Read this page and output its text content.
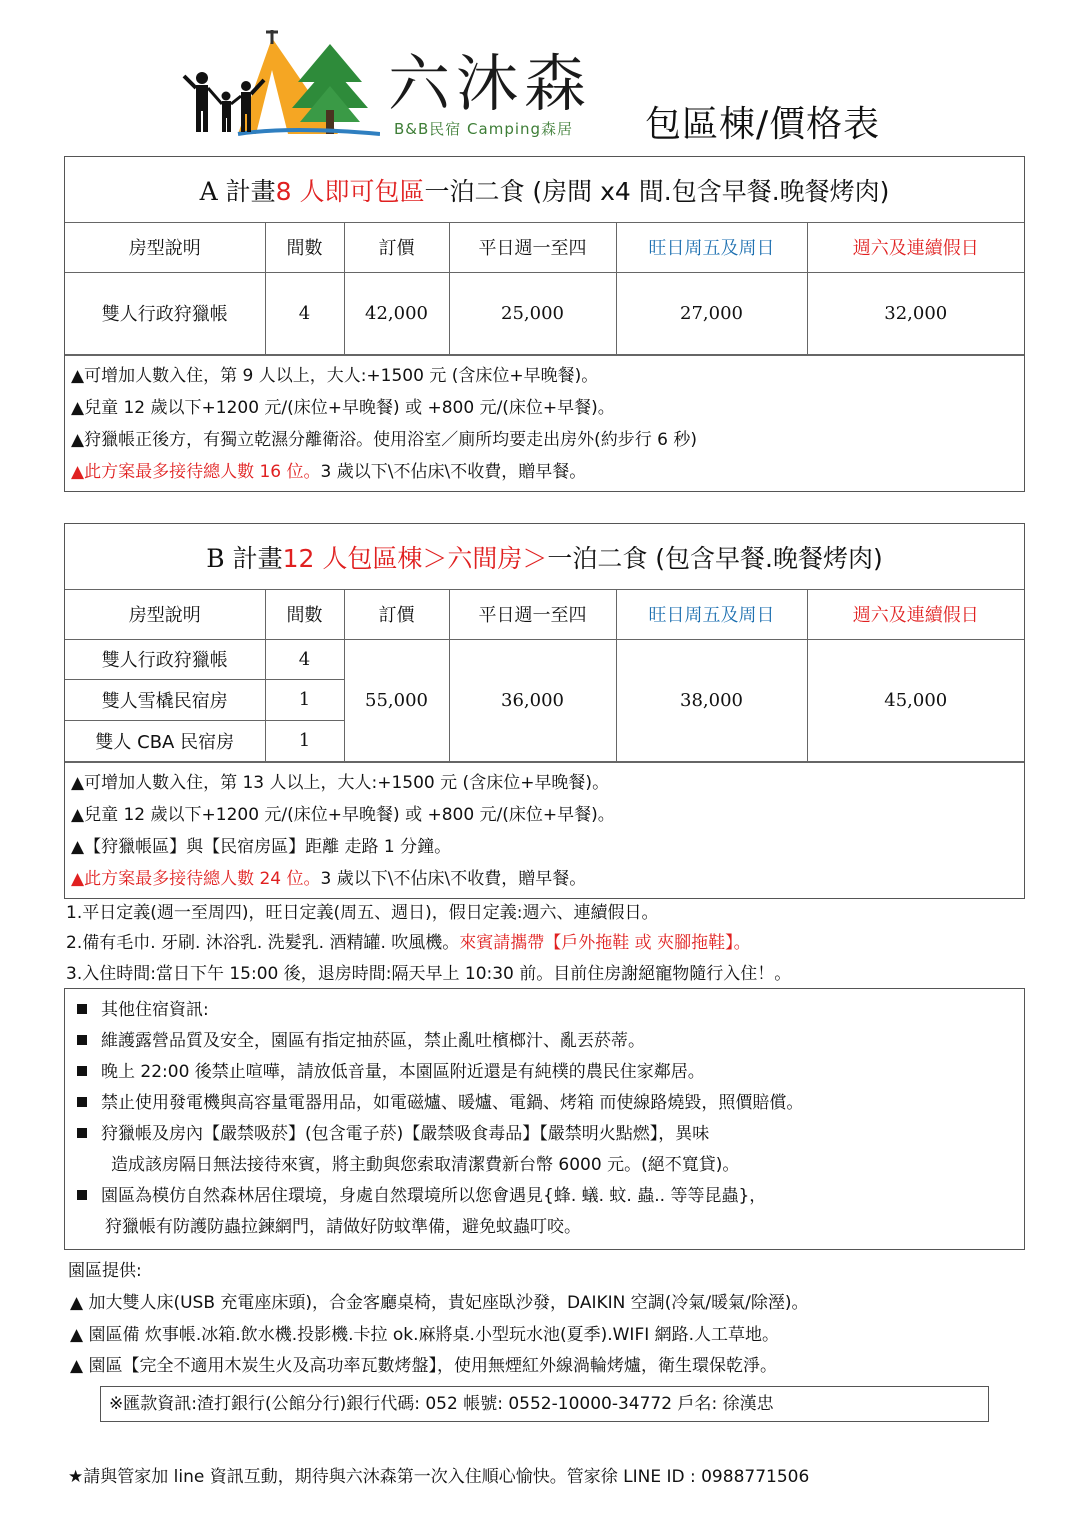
六沐森
B&B民宿 Camping森居 包區棟/價格表
A 計畫 8 人即可包區 一泊二食 (房間 x4 間.包含早餐.晚餐烤肉)
房型說明	間數	訂價	平日週一至四	旺日周五及周日	週六及連續假日
雙人行政狩獵帳	4	42,000	25,000	27,000	32,000
▲可增加人數入住，第 9 人以上，大人:+1500 元 (含床位+早晚餐)。
▲兒童 12 歲以下+1200 元/(床位+早晚餐) 或 +800 元/(床位+早餐)。
▲狩獵帳正後方，有獨立乾濕分離衛浴。使用浴室／廁所均要走出房外(約步行 6 秒)
▲此方案最多接待總人數 16 位。3 歲以下\不佔床\不收費，贈早餐。
B 計畫 12 人包區棟＞六間房＞ 一泊二食 (包含早餐.晚餐烤肉)
房型說明	間數	訂價	平日週一至四	旺日周五及周日	週六及連續假日
雙人行政狩獵帳	4	55,000	36,000	38,000	45,000
雙人雪橇民宿房	1				
雙人 CBA 民宿房	1				
▲可增加人數入住，第 13 人以上，大人:+1500 元 (含床位+早晚餐)。
▲兒童 12 歲以下+1200 元/(床位+早晚餐) 或 +800 元/(床位+早餐)。
▲【狩獵帳區】與【民宿房區】距離 走路 1 分鐘。
▲此方案最多接待總人數 24 位。3 歲以下\不佔床\不收費，贈早餐。
1.平日定義(週一至周四)，旺日定義(周五、週日)，假日定義:週六、連續假日。
2.備有毛巾. 牙刷. 沐浴乳. 洗髮乳. 酒精罐. 吹風機。來賓請攜帶【戶外拖鞋 或 夾腳拖鞋】。
3.入住時間:當日下午 15:00 後，退房時間:隔天早上 10:30 前。目前住房謝絕寵物隨行入住！。
其他住宿資訊:
維護露營品質及安全，園區有指定抽菸區，禁止亂吐檳榔汁、亂丟菸蒂。
晚上 22:00 後禁止喧嘩，請放低音量，本園區附近還是有純樸的農民住家鄰居。
禁止使用發電機與高容量電器用品，如電磁爐、暖爐、電鍋、烤箱 而使線路燒毀，照價賠償。
狩獵帳及房內【嚴禁吸菸】(包含電子菸)【嚴禁吸食毒品】【嚴禁明火點燃】，異味
造成該房隔日無法接待來賓，將主動與您索取清潔費新台幣 6000 元。(絕不寬貸)。
園區為模仿自然森林居住環境，身處自然環境所以您會遇見{蜂. 蟻. 蚊. 蟲.. 等等昆蟲}，
狩獵帳有防護防蟲拉鍊網門，請做好防蚊準備，避免蚊蟲叮咬。
園區提供:
▲ 加大雙人床(USB 充電座床頭)，合金客廳桌椅，貴妃座臥沙發，DAIKIN 空調(冷氣/暖氣/除溼)。
▲ 園區備 炊事帳.冰箱.飲水機.投影機.卡拉 ok.麻將桌.小型玩水池(夏季).WIFI 網路.人工草地。
▲ 園區【完全不適用木炭生火及高功率瓦數烤盤】，使用無煙紅外線渦輪烤爐，衛生環保乾淨。
※匯款資訊:渣打銀行(公館分行)銀行代碼: 052 帳號: 0552-10000-34772 戶名: 徐漢忠
★請與管家加 line 資訊互動，期待與六沐森第一次入住順心愉快。管家徐 LINE ID : 0988771506
